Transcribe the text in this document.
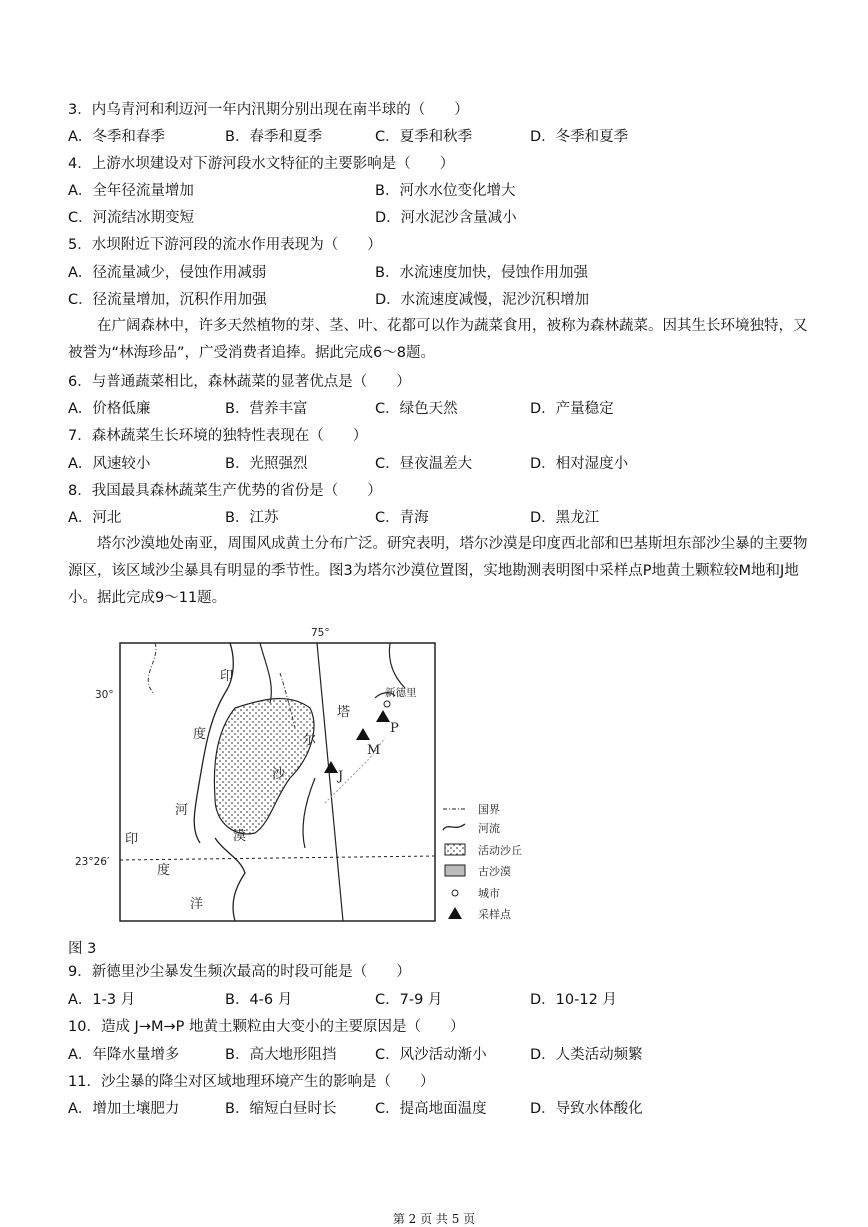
3．内乌青河和利迈河一年内汛期分别出现在南半球的（　　）
A．冬季和春季	B．春季和夏季	C．夏季和秋季	D．冬季和夏季
4．上游水坝建设对下游河段水文特征的主要影响是（　　）
A．全年径流量增加	B．河水水位变化增大
C．河流结冰期变短	D．河水泥沙含量减小
5．水坝附近下游河段的流水作用表现为（　　）
A．径流量减少，侵蚀作用减弱	B．水流速度加快，侵蚀作用加强
C．径流量增加，沉积作用加强	D．水流速度减慢，泥沙沉积增加
在广阔森林中，许多天然植物的芽、茎、叶、花都可以作为蔬菜食用，被称为森林蔬菜。因其生长环境独特，又被誉为“林海珍品”，广受消费者追捧。据此完成6～8题。
6．与普通蔬菜相比，森林蔬菜的显著优点是（　　）
A．价格低廉	B．营养丰富	C．绿色天然	D．产量稳定
7．森林蔬菜生长环境的独特性表现在（　　）
A．风速较小	B．光照强烈	C．昼夜温差大	D．相对湿度小
8．我国最具森林蔬菜生产优势的省份是（　　）
A．河北	B．江苏	C．青海	D．黑龙江
塔尔沙漠地处南亚，周围风成黄土分布广泛。研究表明，塔尔沙漠是印度西北部和巴基斯坦东部沙尘暴的主要物源区，该区域沙尘暴具有明显的季节性。图3为塔尔沙漠位置图，实地勘测表明图中采样点P地黄土颗粒较M地和J地小。据此完成9～11题。
75°
23°26′
30°
P
M
J
新德里
印
度
河
塔
尔
沙
漠
印
度
洋
国界
河流
活动沙丘
古沙漠
城市
采样点
图 3
9．新德里沙尘暴发生频次最高的时段可能是（　　）
A．1-3 月	B．4-6 月	C．7-9 月	D．10-12 月
10．造成 J→M→P 地黄土颗粒由大变小的主要原因是（　　）
A．年降水量增多	B．高大地形阻挡	C．风沙活动渐小	D．人类活动频繁
11．沙尘暴的降尘对区域地理环境产生的影响是（　　）
A．增加土壤肥力	B．缩短白昼时长	C．提高地面温度	D．导致水体酸化
第 2 页 共 5 页
